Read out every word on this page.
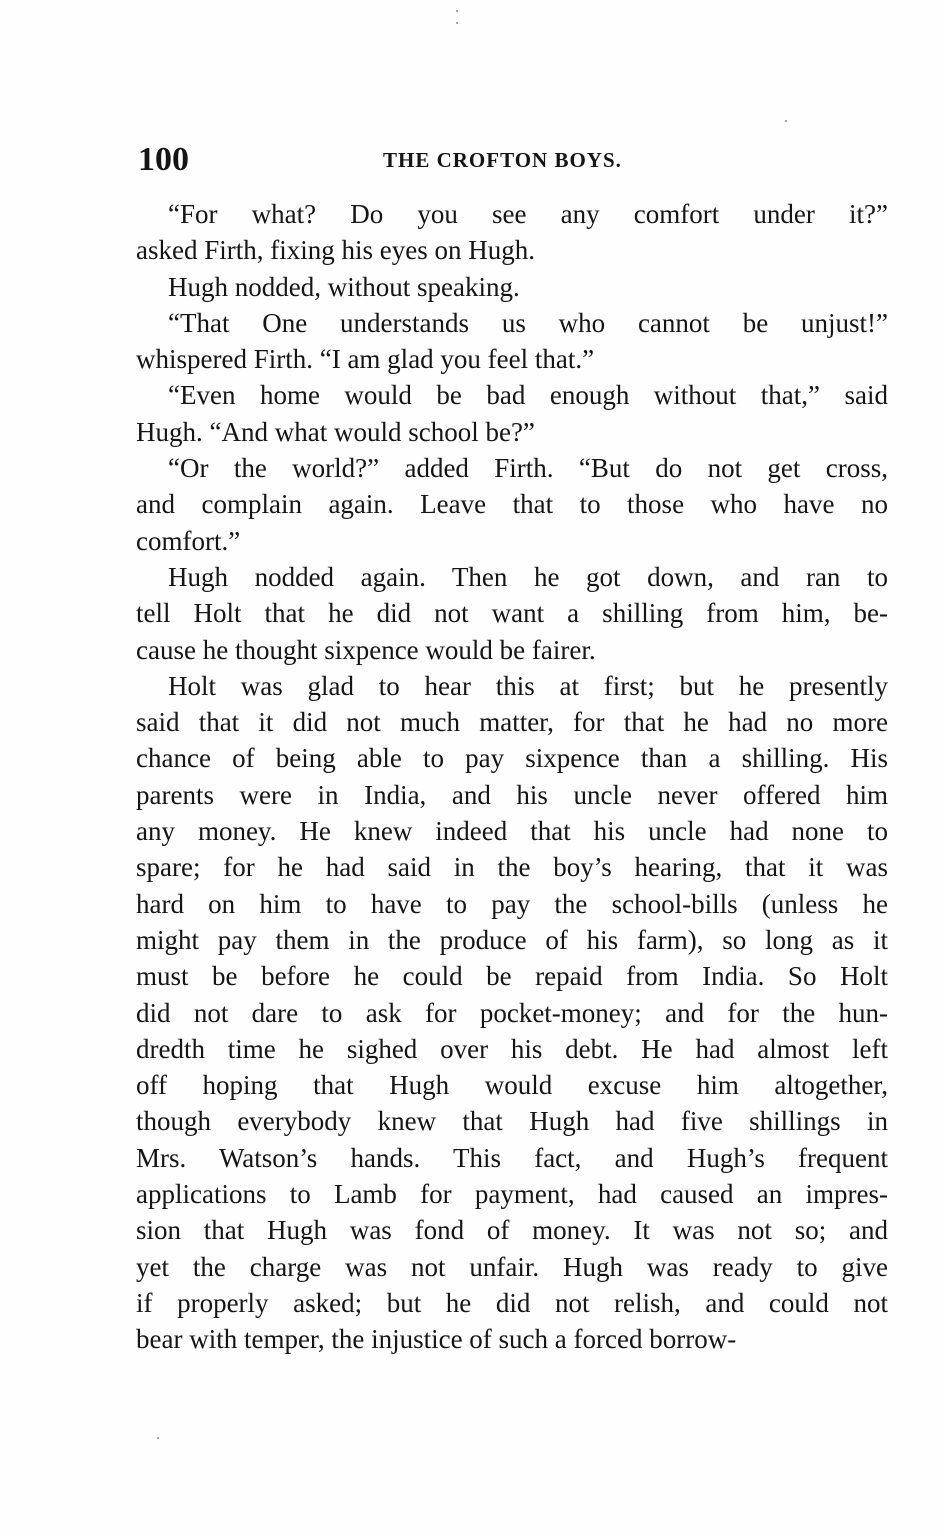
100	THE CROFTON BOYS.

“For what? Do you see any comfort under it?”
asked Firth, fixing his eyes on Hugh.

Hugh nodded, without speaking.

“That One understands us who cannot be unjust!”
whispered Firth. “I am glad you feel that.”

“Even home would be bad enough without that,” said
Hugh. “And what would school be?”

“Or the world?” added Firth. “But do not get cross,
and complain again. Leave that to those who have no
comfort.”

Hugh nodded again. Then he got down, and ran to
tell Holt that he did not want a shilling from him, be-
cause he thought sixpence would be fairer.

Holt was glad to hear this at first; but he presently
said that it did not much matter, for that he had no more
chance of being able to pay sixpence than a shilling. His
parents were in India, and his uncle never offered him
any money. He knew indeed that his uncle had none to
spare; for he had said in the boy’s hearing, that it was
hard on him to have to pay the school-bills (unless he
might pay them in the produce of his farm), so long as it
must be before he could be repaid from India. So Holt
did not dare to ask for pocket-money; and for the hun-
dredth time he sighed over his debt. He had almost left
off hoping that Hugh would excuse him altogether,
though everybody knew that Hugh had five shillings in
Mrs. Watson’s hands. This fact, and Hugh’s frequent
applications to Lamb for payment, had caused an impres-
sion that Hugh was fond of money. It was not so; and
yet the charge was not unfair. Hugh was ready to give
if properly asked; but he did not relish, and could not
bear with temper, the injustice of such a forced borrow-
